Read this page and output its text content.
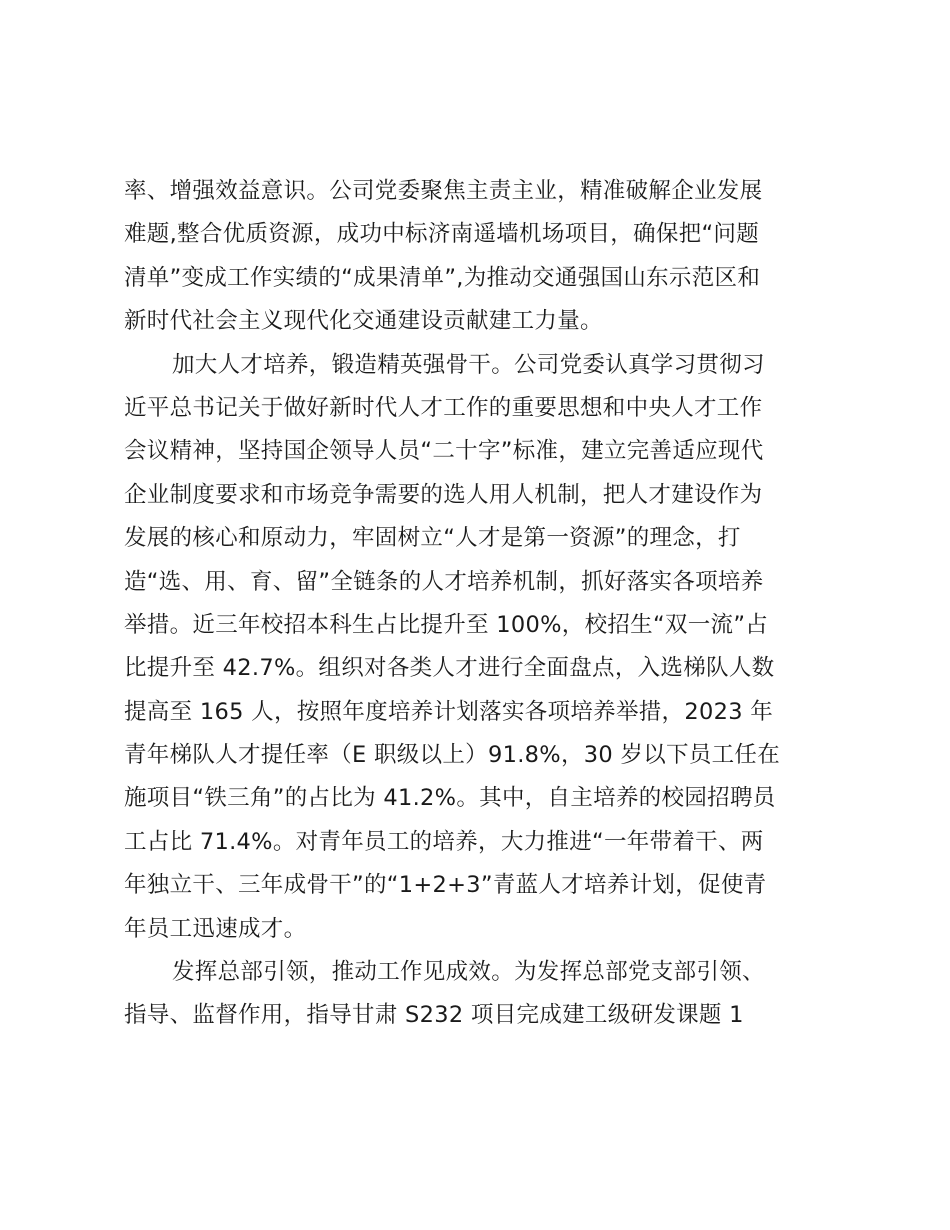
率、增强效益意识。公司党委聚焦主责主业，精准破解企业发展
难题,整合优质资源，成功中标济南遥墙机场项目，确保把“问题
清单”变成工作实绩的“成果清单”,为推动交通强国山东示范区和
新时代社会主义现代化交通建设贡献建工力量。
加大人才培养，锻造精英强骨干。公司党委认真学习贯彻习
近平总书记关于做好新时代人才工作的重要思想和中央人才工作
会议精神，坚持国企领导人员“二十字”标准，建立完善适应现代
企业制度要求和市场竞争需要的选人用人机制，把人才建设作为
发展的核心和原动力，牢固树立“人才是第一资源”的理念，打
造“选、用、育、留”全链条的人才培养机制，抓好落实各项培养
举措。近三年校招本科生占比提升至 100%，校招生“双一流”占
比提升至 42.7%。组织对各类人才进行全面盘点，入选梯队人数
提高至 165 人，按照年度培养计划落实各项培养举措，2023 年
青年梯队人才提任率（E 职级以上）91.8%，30 岁以下员工任在
施项目“铁三角”的占比为 41.2%。其中，自主培养的校园招聘员
工占比 71.4%。对青年员工的培养，大力推进“一年带着干、两
年独立干、三年成骨干”的“1+2+3”青蓝人才培养计划，促使青
年员工迅速成才。
发挥总部引领，推动工作见成效。为发挥总部党支部引领、
指导、监督作用，指导甘肃 S232 项目完成建工级研发课题 1
